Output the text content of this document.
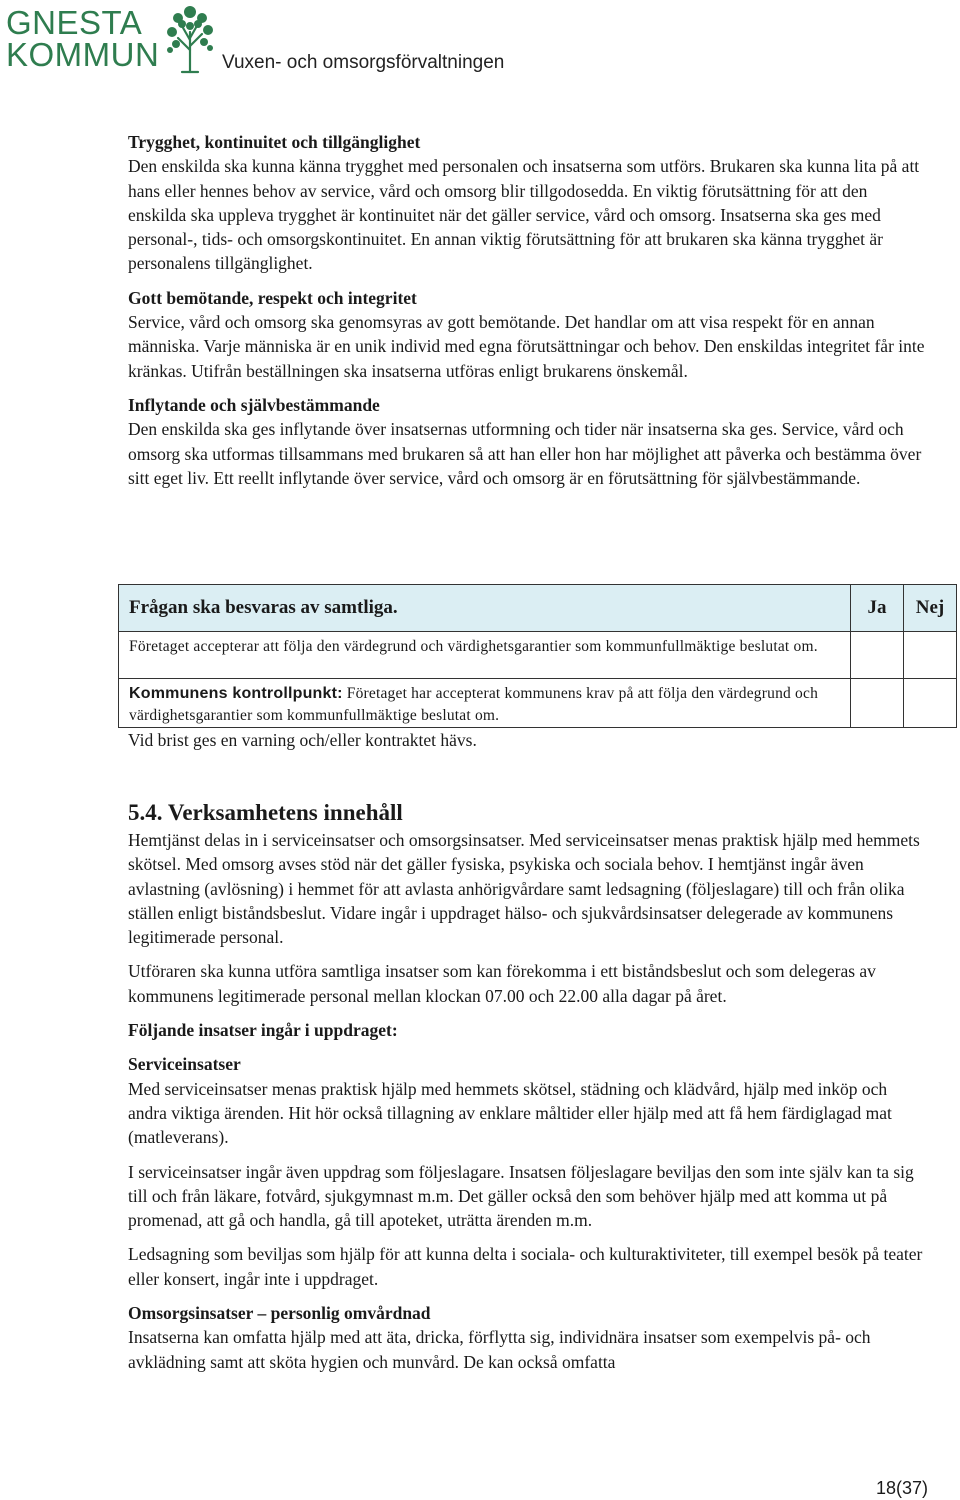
GNESTA
KOMMUN	Vuxen- och omsorgsförvaltningen
Trygghet, kontinuitet och tillgänglighet

Den enskilda ska kunna känna trygghet med personalen och insatserna som utförs. Brukaren ska kunna lita på att hans eller hennes behov av service, vård och omsorg blir tillgodosedda. En viktig förutsättning för att den enskilda ska uppleva trygghet är kontinuitet när det gäller service, vård och omsorg. Insatserna ska ges med personal-, tids- och omsorgskontinuitet. En annan viktig förutsättning för att brukaren ska känna trygghet är personalens tillgänglighet.

Gott bemötande, respekt och integritet

Service, vård och omsorg ska genomsyras av gott bemötande. Det handlar om att visa respekt för en annan människa. Varje människa är en unik individ med egna förutsättningar och behov. Den enskildas integritet får inte kränkas. Utifrån beställningen ska insatserna utföras enligt brukarens önskemål.

Inflytande och självbestämmande

Den enskilda ska ges inflytande över insatsernas utformning och tider när insatserna ska ges. Service, vård och omsorg ska utformas tillsammans med brukaren så att han eller hon har möjlighet att påverka och bestämma över sitt eget liv. Ett reellt inflytande över service, vård och omsorg är en förutsättning för självbestämmande.

Frågan ska besvaras av samtliga.	Ja	Nej
Företaget accepterar att följa den värdegrund och värdighetsgarantier som kommunfullmäktige beslutat om.		
Kommunens kontrollpunkt: Företaget har accepterat kommunens krav på att följa den värdegrund och värdighetsgarantier som kommunfullmäktige beslutat om.		

Vid brist ges en varning och/eller kontraktet hävs.

5.4. Verksamhetens innehåll

Hemtjänst delas in i serviceinsatser och omsorgsinsatser. Med serviceinsatser menas praktisk hjälp med hemmets skötsel. Med omsorg avses stöd när det gäller fysiska, psykiska och sociala behov. I hemtjänst ingår även avlastning (avlösning) i hemmet för att avlasta anhörigvårdare samt ledsagning (följeslagare) till och från olika ställen enligt biståndsbeslut. Vidare ingår i uppdraget hälso- och sjukvårdsinsatser delegerade av kommunens legitimerade personal.

Utföraren ska kunna utföra samtliga insatser som kan förekomma i ett biståndsbeslut och som delegeras av kommunens legitimerade personal mellan klockan 07.00 och 22.00 alla dagar på året.

Följande insatser ingår i uppdraget:
Serviceinsatser

Med serviceinsatser menas praktisk hjälp med hemmets skötsel, städning och klädvård, hjälp med inköp och andra viktiga ärenden. Hit hör också tillagning av enklare måltider eller hjälp med att få hem färdiglagad mat (matleverans).

I serviceinsatser ingår även uppdrag som följeslagare. Insatsen följeslagare beviljas den som inte själv kan ta sig till och från läkare, fotvård, sjukgymnast m.m. Det gäller också den som behöver hjälp med att komma ut på promenad, att gå och handla, gå till apoteket, uträtta ärenden m.m.

Ledsagning som beviljas som hjälp för att kunna delta i sociala- och kulturaktiviteter, till exempel besök på teater eller konsert, ingår inte i uppdraget.

Omsorgsinsatser – personlig omvårdnad

Insatserna kan omfatta hjälp med att äta, dricka, förflytta sig, individnära insatser som exempelvis på- och avklädning samt att sköta hygien och munvård. De kan också omfatta

18(37)
